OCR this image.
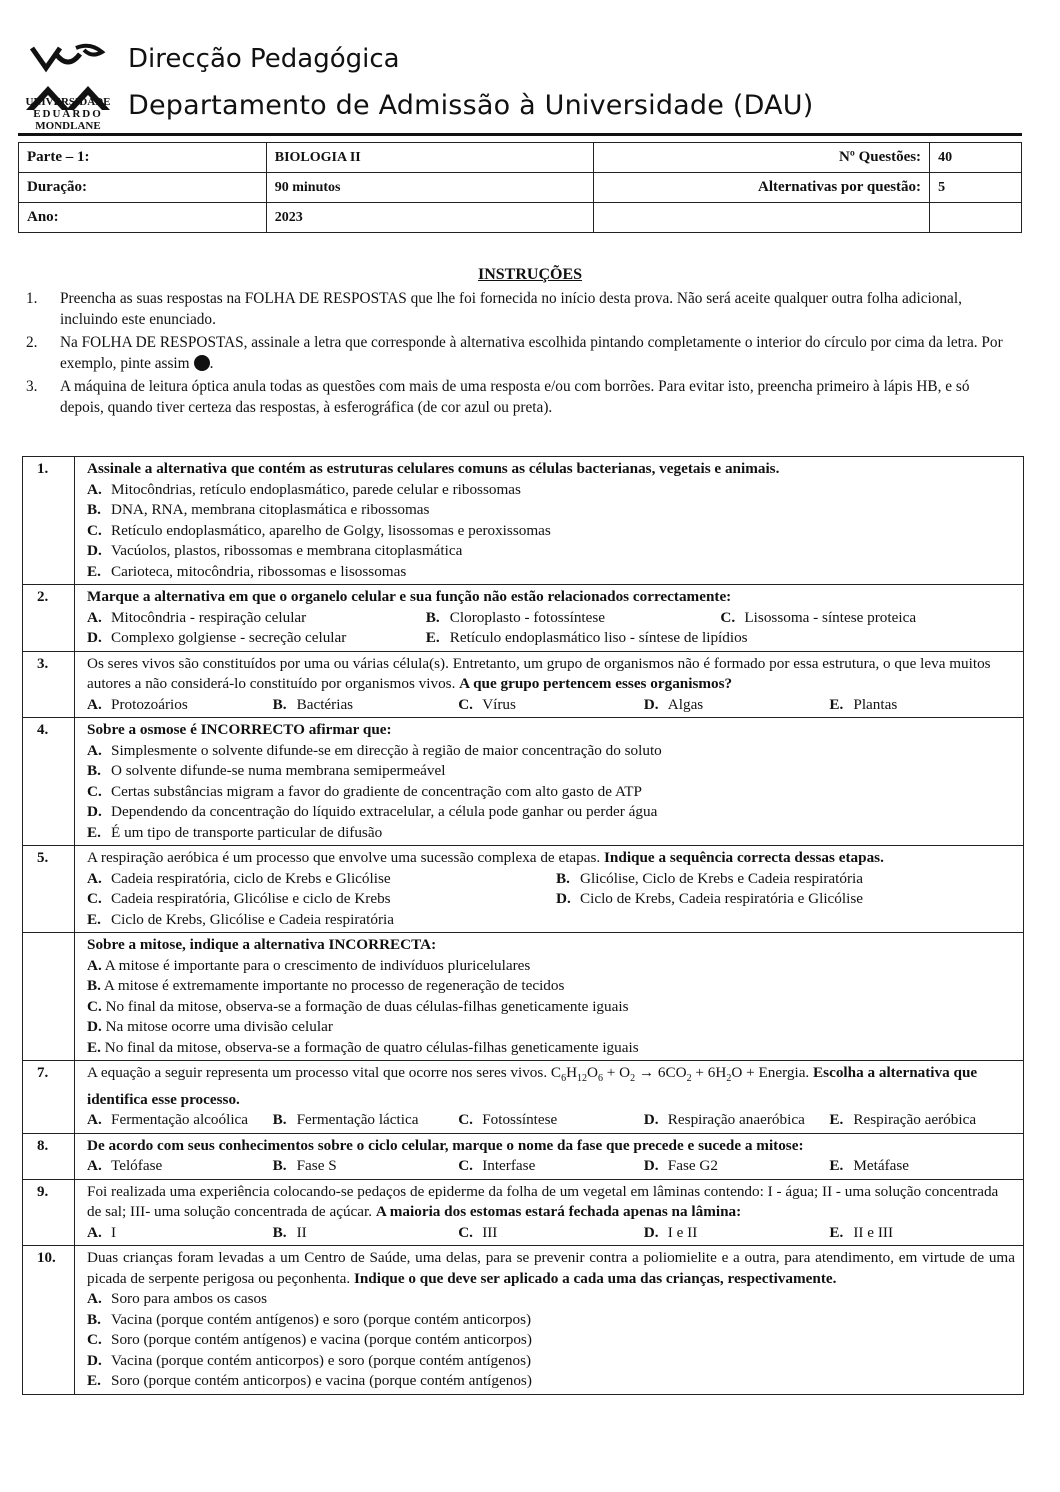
UNIVERSIDADE
EDUARDO
MONDLANE
Direcção Pedagógica
Departamento de Admissão à Universidade (DAU)
Parte – 1:	BIOLOGIA II	Nº Questões:	40
Duração:	90 minutos	Alternativas por questão:	5
Ano:	2023		
INSTRUÇÕES
1.	Preencha as suas respostas na FOLHA DE RESPOSTAS que lhe foi fornecida no início desta prova. Não será aceite qualquer outra folha adicional, incluindo este enunciado.
2.	Na FOLHA DE RESPOSTAS, assinale a letra que corresponde à alternativa escolhida pintando completamente o interior do círculo por cima da letra. Por exemplo, pinte assim .
3.	A máquina de leitura óptica anula todas as questões com mais de uma resposta e/ou com borrões. Para evitar isto, preencha primeiro à lápis HB, e só depois, quando tiver certeza das respostas, à esferográfica (de cor azul ou preta).
1.	Assinale a alternativa que contém as estruturas celulares comuns as células bacterianas, vegetais e animais.
A. Mitocôndrias, retículo endoplasmático, parede celular e ribossomas
B. DNA, RNA, membrana citoplasmática e ribossomas
C. Retículo endoplasmático, aparelho de Golgy, lisossomas e peroxissomas
D. Vacúolos, plastos, ribossomas e membrana citoplasmática
E. Carioteca, mitocôndria, ribossomas e lisossomas
2.	Marque a alternativa em que o organelo celular e sua função não estão relacionados correctamente:
A. Mitocôndria - respiração celular	B. Cloroplasto - fotossíntese	C. Lisossoma - síntese proteica
D. Complexo golgiense - secreção celular	E. Retículo endoplasmático liso - síntese de lipídios
3.	Os seres vivos são constituídos por uma ou várias célula(s). Entretanto, um grupo de organismos não é formado por essa estrutura, o que leva muitos autores a não considerá-lo constituído por organismos vivos. A que grupo pertencem esses organismos?
A. Protozoários	B. Bactérias	C. Vírus	D. Algas	E. Plantas
4.	Sobre a osmose é INCORRECTO afirmar que:
A. Simplesmente o solvente difunde-se em direcção à região de maior concentração do soluto
B. O solvente difunde-se numa membrana semipermeável
C. Certas substâncias migram a favor do gradiente de concentração com alto gasto de ATP
D. Dependendo da concentração do líquido extracelular, a célula pode ganhar ou perder água
E. É um tipo de transporte particular de difusão
5.	A respiração aeróbica é um processo que envolve uma sucessão complexa de etapas. Indique a sequência correcta dessas etapas.
A. Cadeia respiratória, ciclo de Krebs e Glicólise	B. Glicólise, Ciclo de Krebs e Cadeia respiratória
C. Cadeia respiratória, Glicólise e ciclo de Krebs	D. Ciclo de Krebs, Cadeia respiratória e Glicólise
E. Ciclo de Krebs, Glicólise e Cadeia respiratória
Sobre a mitose, indique a alternativa INCORRECTA:
A. A mitose é importante para o crescimento de indivíduos pluricelulares
B. A mitose é extremamente importante no processo de regeneração de tecidos
C. No final da mitose, observa-se a formação de duas células-filhas geneticamente iguais
D. Na mitose ocorre uma divisão celular
E. No final da mitose, observa-se a formação de quatro células-filhas geneticamente iguais
7.	A equação a seguir representa um processo vital que ocorre nos seres vivos. $C_6H_{12}O_6 + O_2 \to 6CO_2 + 6H_2O$ + Energia. Escolha a alternativa que identifica esse processo.
A. Fermentação alcoólica B. Fermentação láctica	C. Fotossíntese	D. Respiração anaeróbica E. Respiração aeróbica
8.	De acordo com seus conhecimentos sobre o ciclo celular, marque o nome da fase que precede e sucede a mitose:
A. Telófase	B. Fase S	C. Interfase	D. Fase G2	E. Metáfase
9.	Foi realizada uma experiência colocando-se pedaços de epiderme da folha de um vegetal em lâminas contendo: I - água; II - uma solução concentrada de sal; III- uma solução concentrada de açúcar. A maioria dos estomas estará fechada apenas na lâmina:
A. I	B. II	C. III	D. I e II	E. II e III
10.	Duas crianças foram levadas a um Centro de Saúde, uma delas, para se prevenir contra a poliomielite e a outra, para atendimento, em virtude de uma picada de serpente perigosa ou peçonhenta. Indique o que deve ser aplicado a cada uma das crianças, respectivamente.
A. Soro para ambos os casos
B. Vacina (porque contém antígenos) e soro (porque contém anticorpos)
C. Soro (porque contém antígenos) e vacina (porque contém anticorpos)
D. Vacina (porque contém anticorpos) e soro (porque contém antígenos)
E. Soro (porque contém anticorpos) e vacina (porque contém antígenos)
